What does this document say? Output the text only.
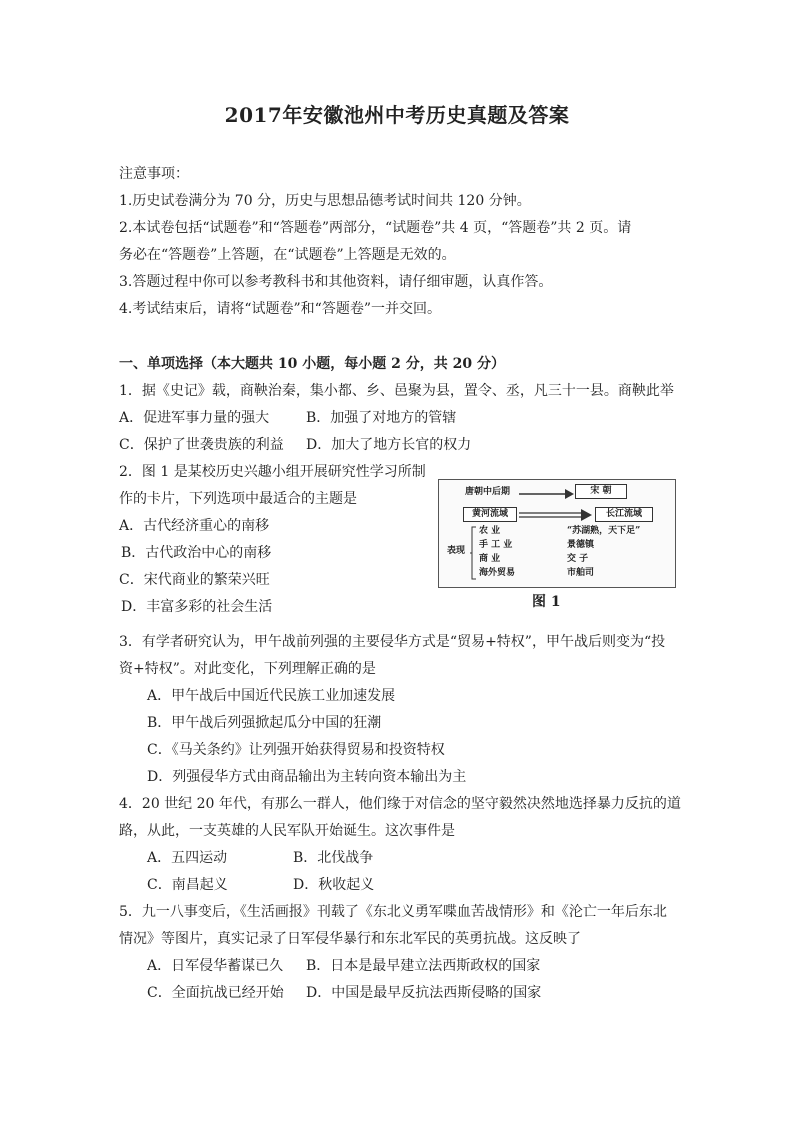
2017年安徽池州中考历史真题及答案
注意事项：
1.历史试卷满分为 70 分，历史与思想品德考试时间共 120 分钟。
2.本试卷包括“试题卷”和“答题卷”两部分，“试题卷”共 4 页，“答题卷”共 2 页。请
务必在“答题卷”上答题，在“试题卷”上答题是无效的。
3.答题过程中你可以参考教科书和其他资料，请仔细审题，认真作答。
4.考试结束后，请将“试题卷”和“答题卷”一并交回。
一、单项选择（本大题共 10 小题，每小题 2 分，共 20 分）
1．据《史记》载，商鞅治秦，集小都、乡、邑聚为县，置令、丞，凡三十一县。商鞅此举
A．促进军事力量的强大	B．加强了对地方的管辖
C．保护了世袭贵族的利益 D．加大了地方长官的权力
2．图 1 是某校历史兴趣小组开展研究性学习所制
作的卡片，下列选项中最适合的主题是
A．古代经济重心的南移
B．古代政治中心的南移
C．宋代商业的繁荣兴旺
D．丰富多彩的社会生活
唐朝中后期	宋 朝
黄河流域	长江流域
表现
农 业	“苏湖熟，天下足”
手 工 业	景德镇
商 业	交 子
海外贸易	市舶司
图 1
3．有学者研究认为，甲午战前列强的主要侵华方式是“贸易+特权”，甲午战后则变为“投
资+特权”。对此变化，下列理解正确的是
A．甲午战后中国近代民族工业加速发展
B．甲午战后列强掀起瓜分中国的狂潮
C．《马关条约》让列强开始获得贸易和投资特权
D．列强侵华方式由商品输出为主转向资本输出为主
4．20 世纪 20 年代，有那么一群人，他们缘于对信念的坚守毅然决然地选择暴力反抗的道
路，从此，一支英雄的人民军队开始诞生。这次事件是
A．五四运动	B．北伐战争
C．南昌起义	D．秋收起义
5．九一八事变后，《生活画报》刊载了《东北义勇军喋血苦战情形》和《沦亡一年后东北
情况》等图片，真实记录了日军侵华暴行和东北军民的英勇抗战。这反映了
A．日军侵华蓄谋已久 B．日本是最早建立法西斯政权的国家
C．全面抗战已经开始 D．中国是最早反抗法西斯侵略的国家
